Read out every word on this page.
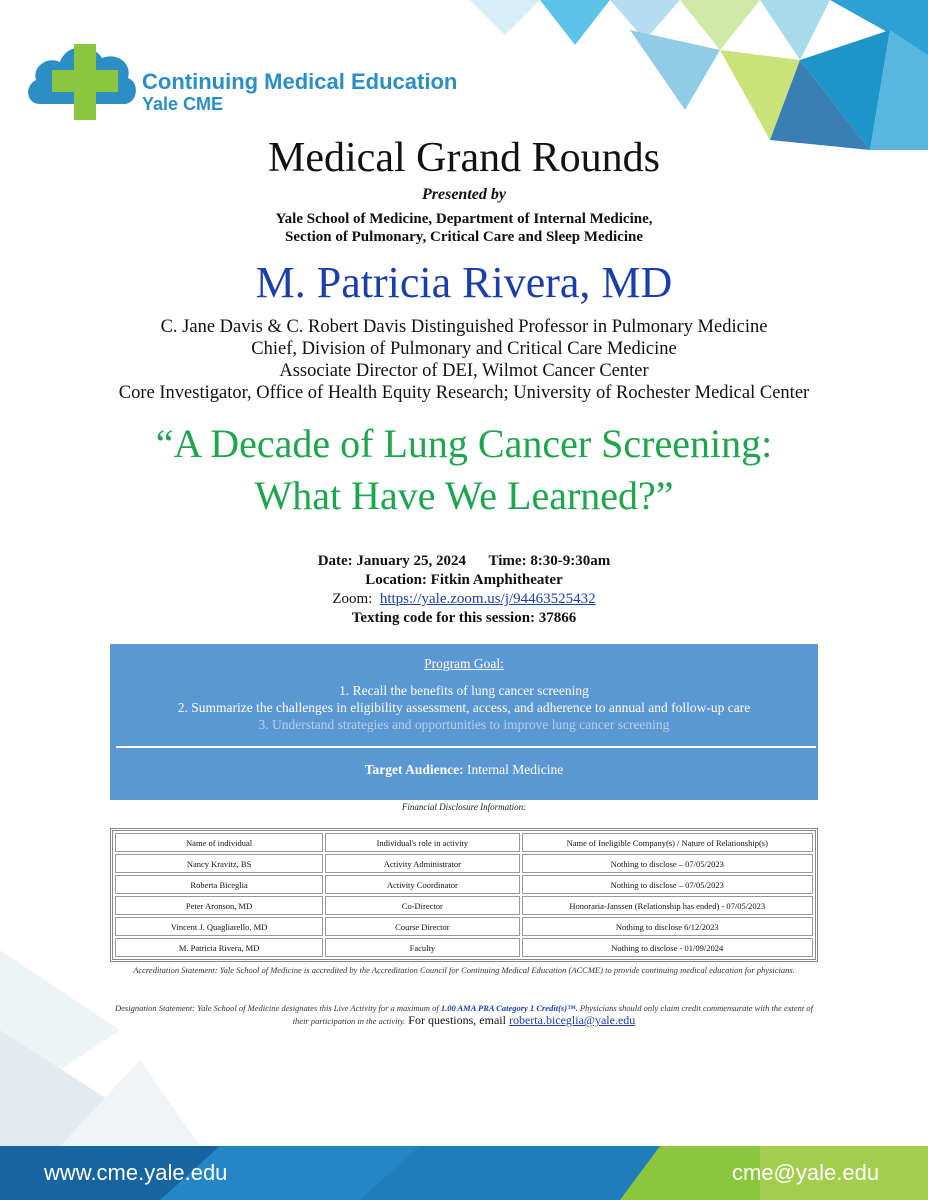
Continuing Medical Education
Yale CME
Medical Grand Rounds
Presented by
Yale School of Medicine, Department of Internal Medicine,
Section of Pulmonary, Critical Care and Sleep Medicine
M. Patricia Rivera, MD
C. Jane Davis & C. Robert Davis Distinguished Professor in Pulmonary Medicine
Chief, Division of Pulmonary and Critical Care Medicine
Associate Director of DEI, Wilmot Cancer Center
Core Investigator, Office of Health Equity Research; University of Rochester Medical Center
“A Decade of Lung Cancer Screening:
What Have We Learned?”
Date: January 25, 2024 Time: 8:30-9:30am
Location: Fitkin Amphitheater
Zoom: https://yale.zoom.us/j/94463525432
Texting code for this session: 37866
Program Goal:
1. Recall the benefits of lung cancer screening
2. Summarize the challenges in eligibility assessment, access, and adherence to annual and follow-up care
3. Understand strategies and opportunities to improve lung cancer screening
Target Audience: Internal Medicine
Financial Disclosure Information:
Name of individual	Individual's role in activity	Name of Ineligible Company(s) / Nature of Relationship(s)
Nancy Kravitz, BS	Activity Administrator	Nothing to disclose – 07/05/2023
Roberta Biceglia	Activity Coordinator	Nothing to disclose – 07/05/2023
Peter Aronson, MD	Co-Director	Honoraria-Janssen (Relationship has ended) - 07/05/2023
Vincent J. Quagliarello, MD	Course Director	Nothing to disclose 6/12/2023
M. Patricia Rivera, MD	Faculty	Nothing to disclose - 01/09/2024
Accreditation Statement: Yale School of Medicine is accredited by the Accreditation Council for Continuing Medical Education (ACCME) to provide continuing medical education for physicians.
Designation Statement: Yale School of Medicine designates this Live Activity for a maximum of 1.00 AMA PRA Category 1 Credit(s)™. Physicians should only claim credit commensurate with the extent of their participation in the activity. For questions, email roberta.biceglia@yale.edu
www.cme.yale.edu	cme@yale.edu
